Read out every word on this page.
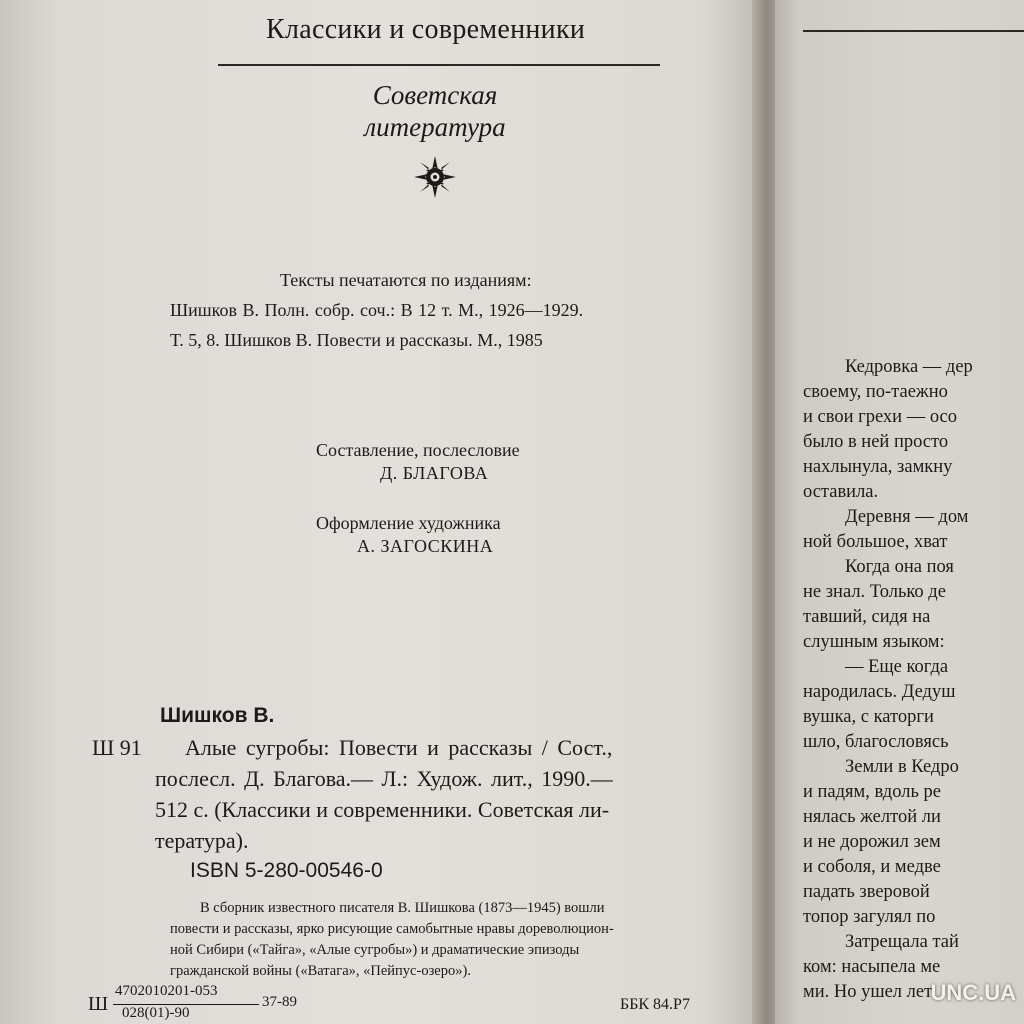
Классики и современники
Советская
литература
Тексты печатаются по изданиям:
Шишков В. Полн. собр. соч.: В 12 т. М., 1926—1929.
Т. 5, 8. Шишков В. Повести и рассказы. М., 1985
Составление, послесловие
Д. БЛАГОВА
Оформление художника
А. ЗАГОСКИНА
Шишков В.
Ш 91 Алые сугробы: Повести и рассказы / Сост.,
послесл. Д. Благова.— Л.: Худож. лит., 1990.—
512 с. (Классики и современники. Советская ли-
тература).
ISBN 5-280-00546-0
В сборник известного писателя В. Шишкова (1873—1945) вошли
повести и рассказы, ярко рисующие самобытные нравы дореволюцион-
ной Сибири («Тайга», «Алые сугробы») и драматические эпизоды
гражданской войны («Ватага», «Пейпус-озеро»).
Ш
4702010201-053
028(01)-90
37-89	ББК 84.Р7
Кедровка — дер
своему, по-таежно
и свои грехи — осо
было в ней просто
нахлынула, замкну
оставила.
Деревня — дом
ной большое, хват
Когда она поя
не знал. Только де
тавший, сидя на
слушным языком:
— Еще когда
народилась. Дедуш
вушка, с каторги
шло, благословясь
Земли в Кедро
и падям, вдоль ре
нялась желтой ли
и не дорожил зем
и соболя, и медве
падать зверовой
топор загулял по
Затрещала тай
ком: насыпела ме
ми. Но ушел лет
UNC.UA
